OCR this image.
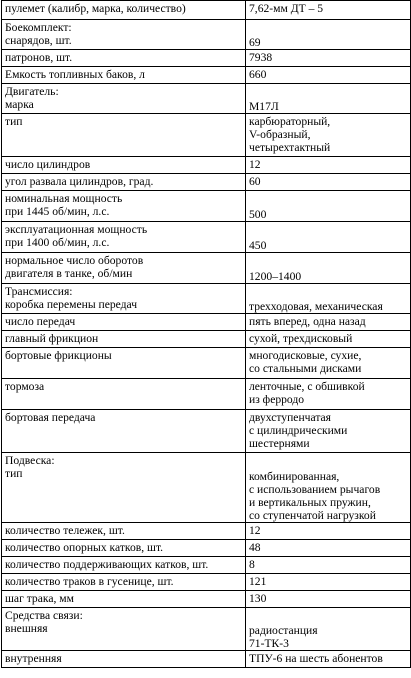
пулемет (калибр, марка, количество)	7,62-мм ДТ – 5
Боекомплект:
снарядов, шт.	69
патронов, шт.	7938
Емкость топливных баков, л	660
Двигатель:
марка	М17Л
тип	карбюраторный,
V-образный,
четырехтактный
число цилиндров	12
угол развала цилиндров, град.	60
номинальная мощность
при 1445 об/мин, л.с.	500
эксплуатационная мощность
при 1400 об/мин, л.с.	450
нормальное число оборотов
двигателя в танке, об/мин	1200–1400
Трансмиссия:
коробка перемены передач	трехходовая, механическая
число передач	пять вперед, одна назад
главный фрикцион	сухой, трехдисковый
бортовые фрикционы	многодисковые, сухие,
со стальными дисками
тормоза	ленточные, с обшивкой
из ферродо
бортовая передача	двухступенчатая
с цилиндрическими
шестернями
Подвеска:
тип	комбинированная,
с использованием рычагов
и вертикальных пружин,
со ступенчатой нагрузкой
количество тележек, шт.	12
количество опорных катков, шт.	48
количество поддерживающих катков, шт.	8
количество траков в гусенице, шт.	121
шаг трака, мм	130
Средства связи:
внешняя	радиостанция
71-ТК-3
внутренняя	ТПУ-6 на шесть абонентов
